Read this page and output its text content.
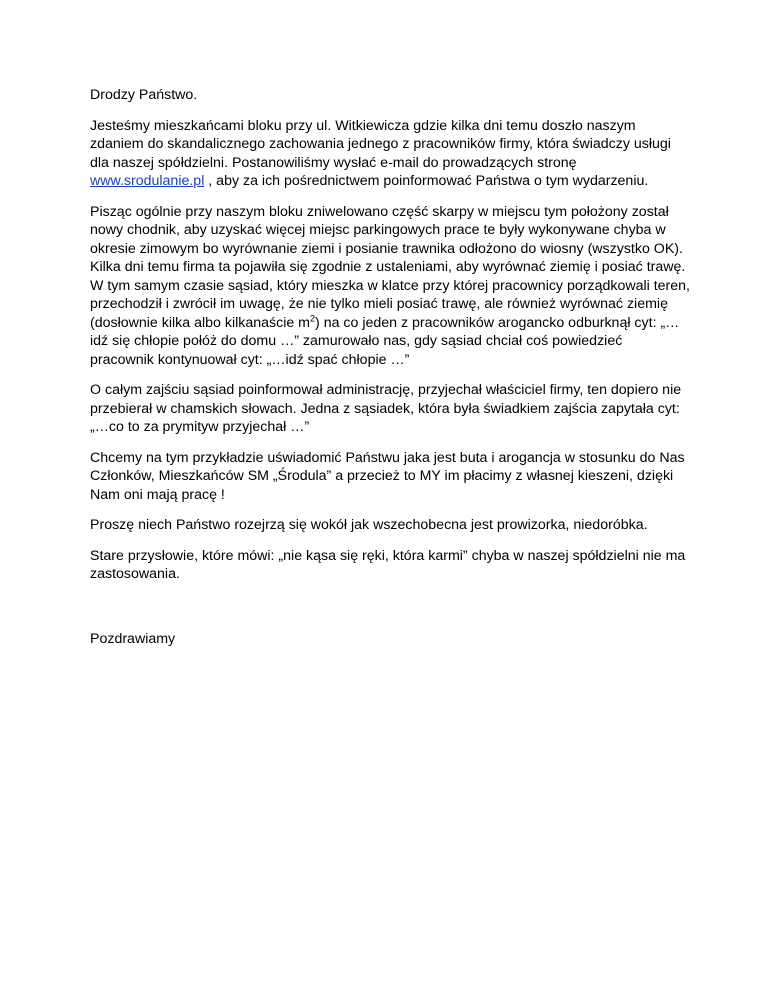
Drodzy Państwo.

Jesteśmy mieszkańcami bloku przy ul. Witkiewicza gdzie kilka dni temu doszło naszym zdaniem do skandalicznego zachowania jednego z pracowników firmy, która świadczy usługi dla naszej spółdzielni. Postanowiliśmy wysłać e-mail do prowadzących stronę www.srodulanie.pl , aby za ich pośrednictwem poinformować Państwa o tym wydarzeniu.

Pisząc ogólnie przy naszym bloku zniwelowano część skarpy w miejscu tym położony został nowy chodnik, aby uzyskać więcej miejsc parkingowych prace te były wykonywane chyba w okresie zimowym bo wyrównanie ziemi i posianie trawnika odłożono do wiosny (wszystko OK). Kilka dni temu firma ta pojawiła się zgodnie z ustaleniami, aby wyrównać ziemię i posiać trawę. W tym samym czasie sąsiad, który mieszka w klatce przy której pracownicy porządkowali teren, przechodził i zwrócił im uwagę, że nie tylko mieli posiać trawę, ale również wyrównać ziemię (dosłownie kilka albo kilkanaście $m^2$) na co jeden z pracowników arogancko odburknął cyt: „… idź się chłopie połóż do domu …” zamurowało nas, gdy sąsiad chciał coś powiedzieć pracownik kontynuował cyt: „…idź spać chłopie …”

O całym zajściu sąsiad poinformował administrację, przyjechał właściciel firmy, ten dopiero nie przebierał w chamskich słowach. Jedna z sąsiadek, która była świadkiem zajścia zapytała cyt: „…co to za prymityw przyjechał …”

Chcemy na tym przykładzie uświadomić Państwu jaka jest buta i arogancja w stosunku do Nas Członków, Mieszkańców SM „Środula” a przecież to MY im płacimy z własnej kieszeni, dzięki Nam oni mają pracę !

Proszę niech Państwo rozejrzą się wokół jak wszechobecna jest prowizorka, niedoróbka.

Stare przysłowie, które mówi: „nie kąsa się ręki, która karmi” chyba w naszej spółdzielni nie ma zastosowania.

Pozdrawiamy
